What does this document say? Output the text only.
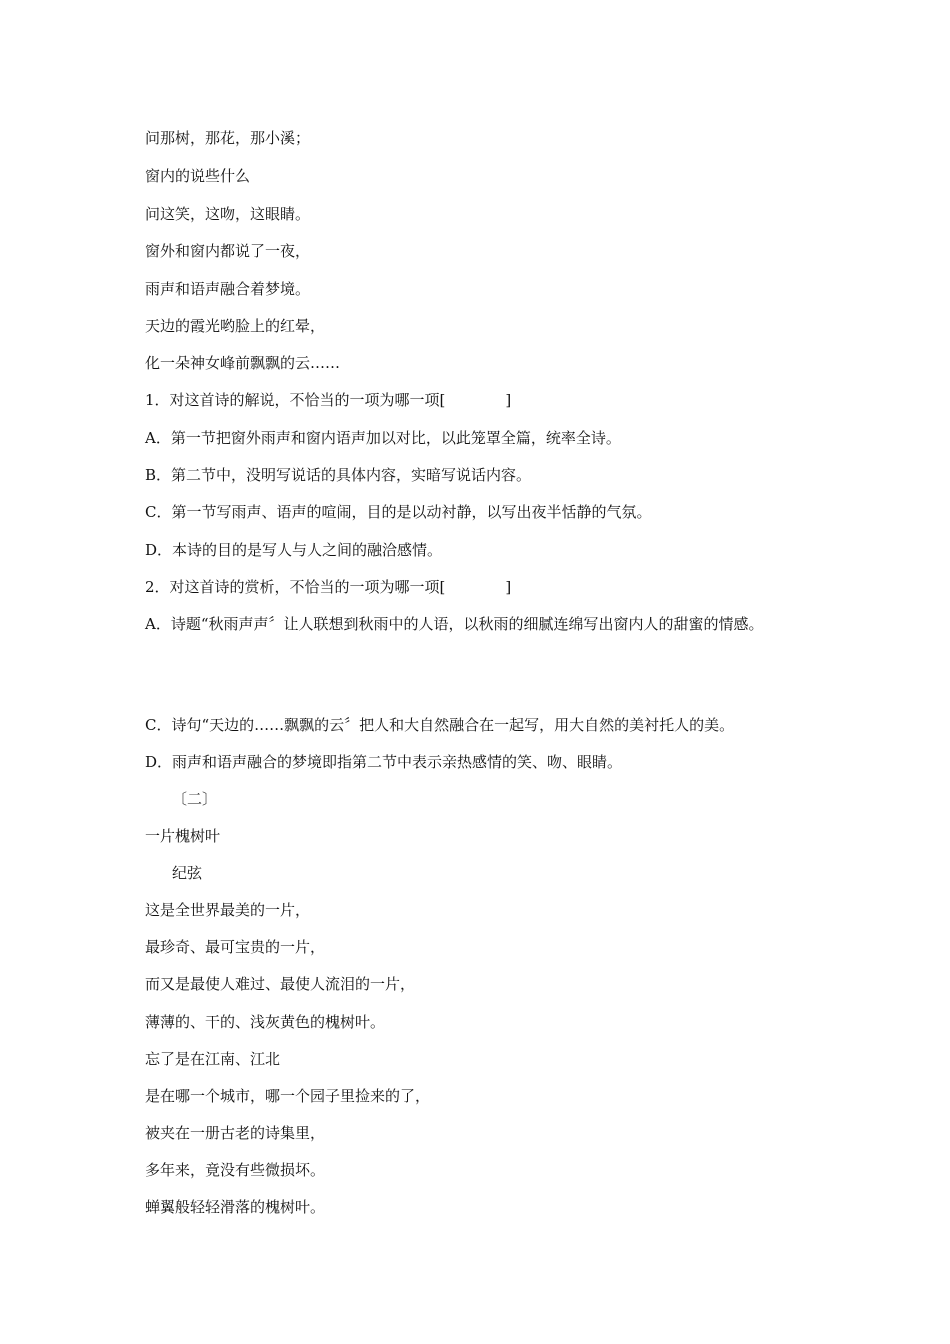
问那树，那花，那小溪；
窗内的说些什么
问这笑，这吻，这眼睛。
窗外和窗内都说了一夜，
雨声和语声融合着梦境。
天边的霞光哟脸上的红晕，
化一朵神女峰前飘飘的云……
1．对这首诗的解说，不恰当的一项为哪一项[	]
A．第一节把窗外雨声和窗内语声加以对比，以此笼罩全篇，统率全诗。
B．第二节中，没明写说话的具体内容，实暗写说话内容。
C．第一节写雨声、语声的喧闹，目的是以动衬静，以写出夜半恬静的气氛。
D．本诗的目的是写人与人之间的融洽感情。
2．对这首诗的赏析，不恰当的一项为哪一项[	]
A．诗题“秋雨声声〞让人联想到秋雨中的人语，以秋雨的细腻连绵写出窗内人的甜蜜的情感。
C．诗句“天边的……飘飘的云〞把人和大自然融合在一起写，用大自然的美衬托人的美。
D．雨声和语声融合的梦境即指第二节中表示亲热感情的笑、吻、眼睛。
〔二〕
一片槐树叶
纪弦
这是全世界最美的一片，
最珍奇、最可宝贵的一片，
而又是最使人难过、最使人流泪的一片，
薄薄的、干的、浅灰黄色的槐树叶。
忘了是在江南、江北
是在哪一个城市，哪一个园子里捡来的了，
被夹在一册古老的诗集里，
多年来，竟没有些微损坏。
蝉翼般轻轻滑落的槐树叶。
